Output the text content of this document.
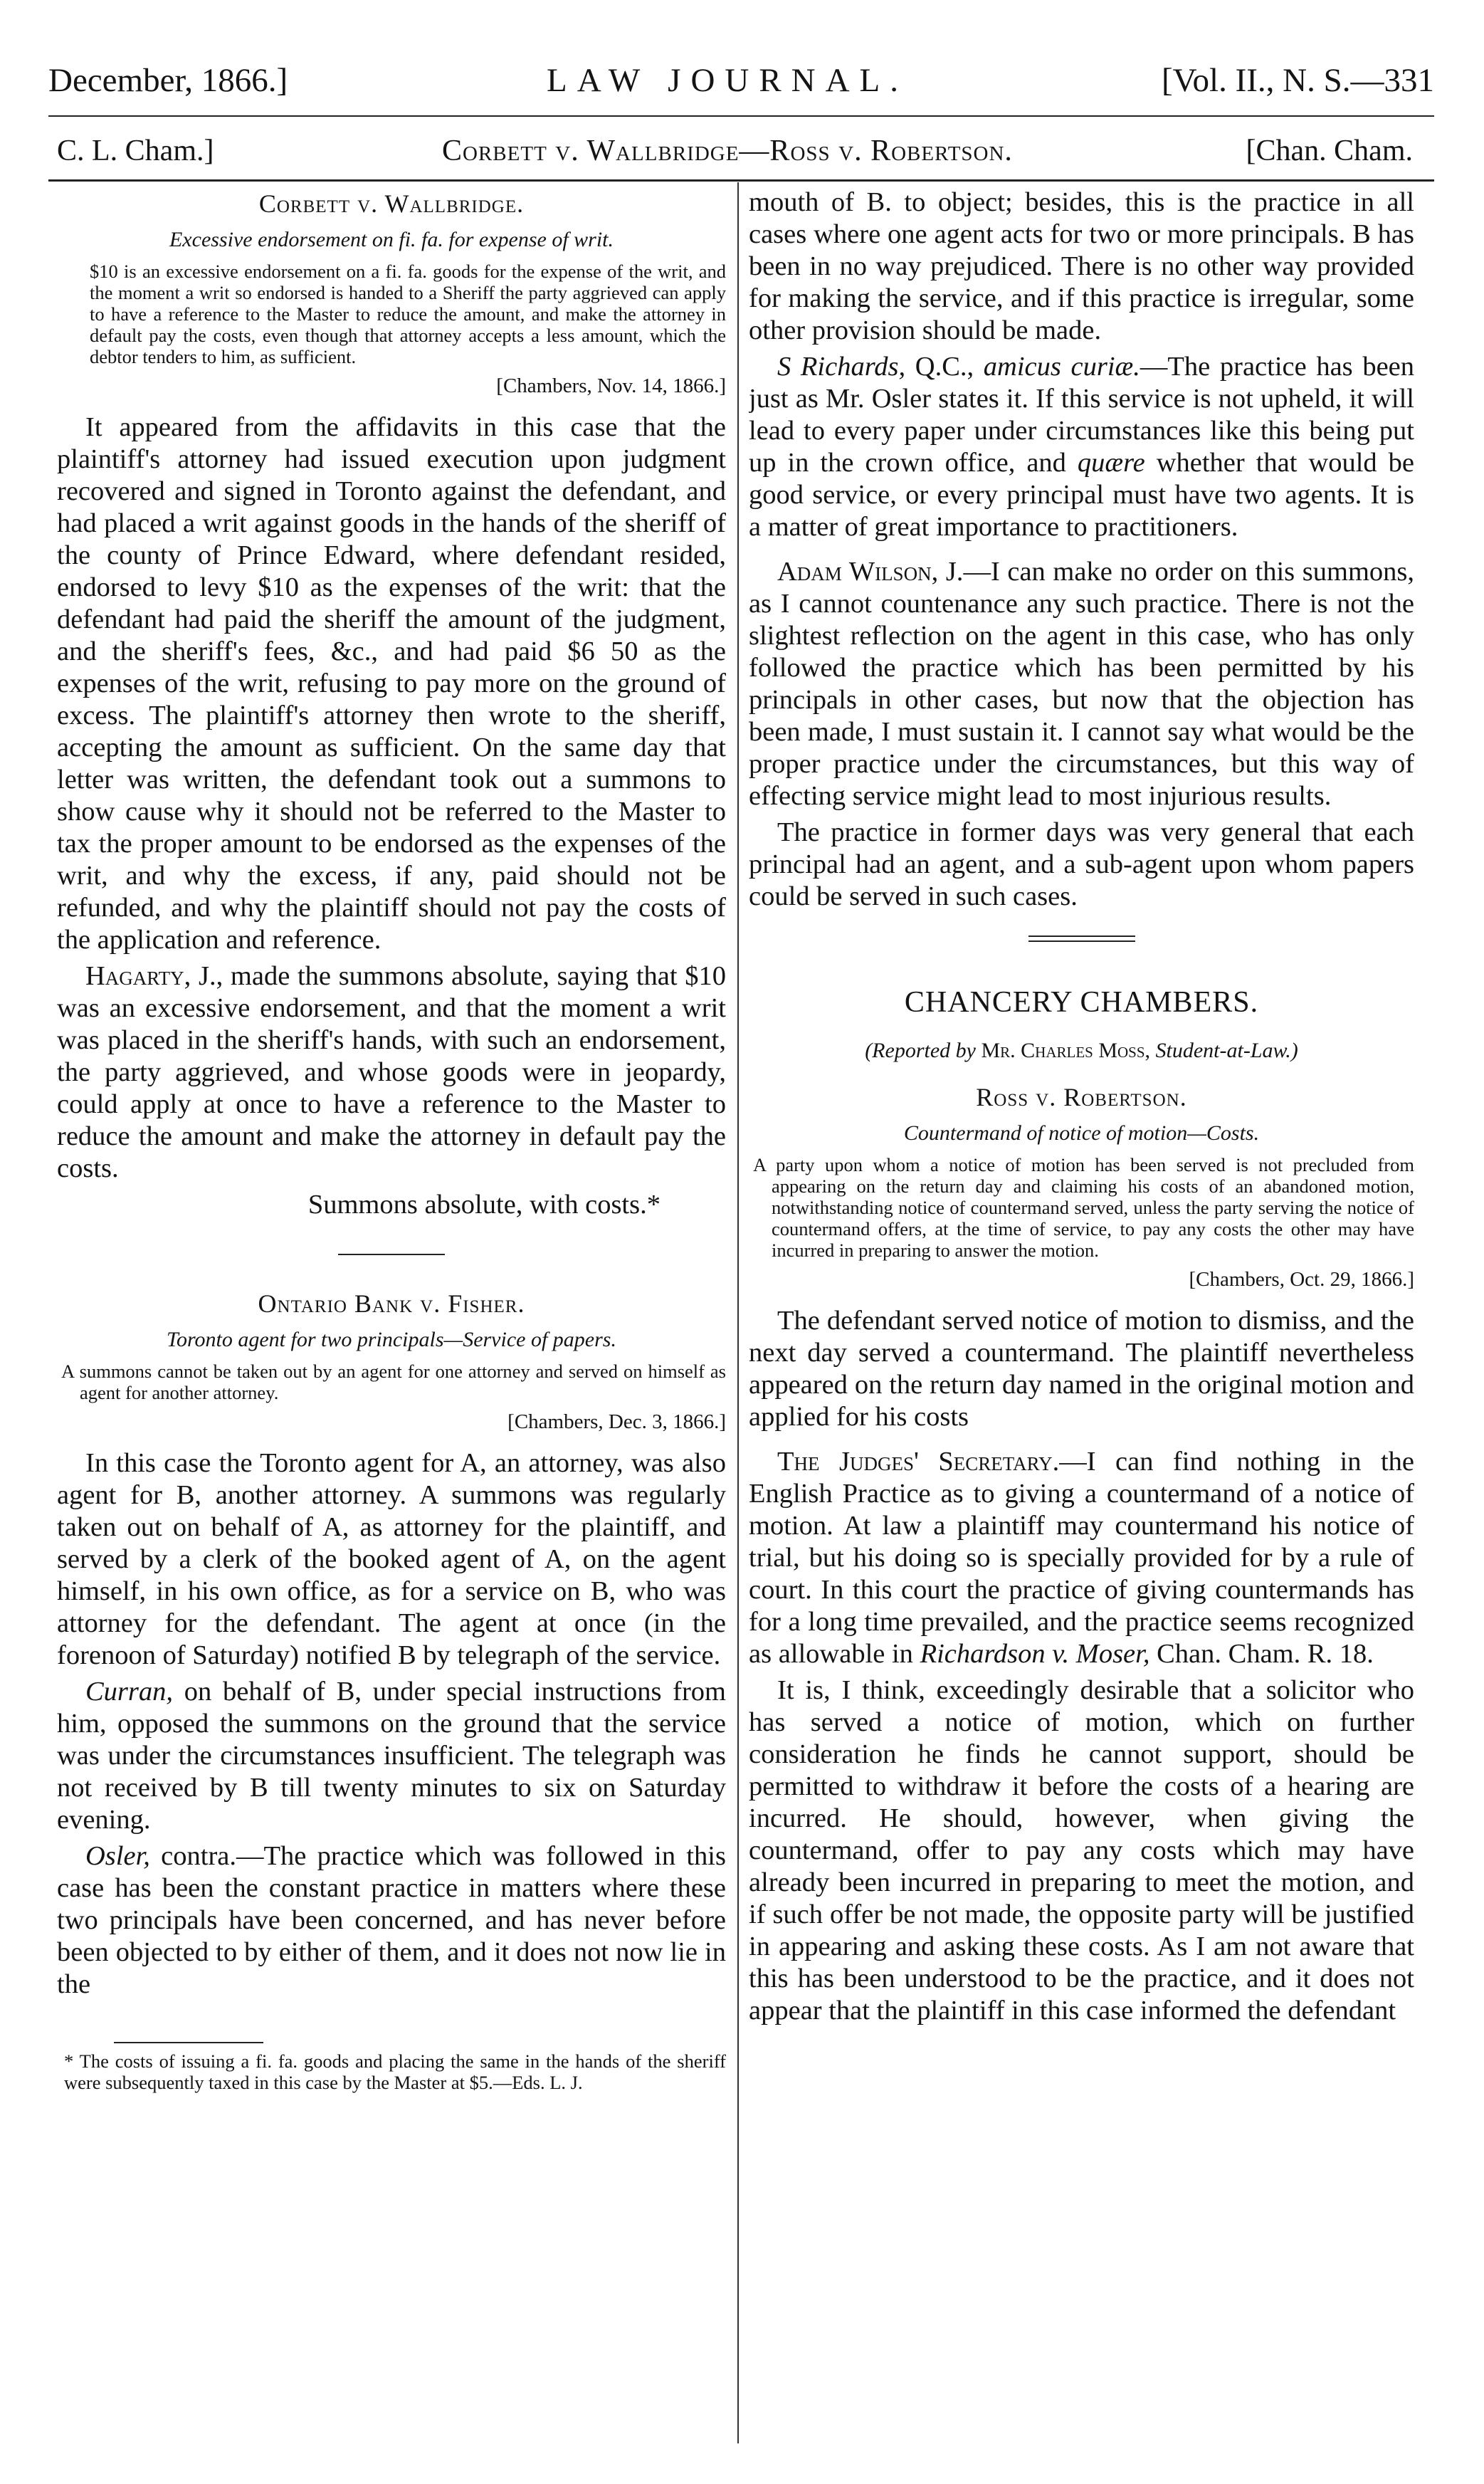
December, 1866.]	LAW JOURNAL.	[Vol. II., N. S.—331
C. L. Cham.]	Corbett v. Wallbridge—Ross v. Robertson.	[Chan. Cham.
Corbett v. Wallbridge.
Excessive endorsement on fi. fa. for expense of writ.
$10 is an excessive endorsement on a fi. fa. goods for the expense of the writ, and the moment a writ so endorsed is handed to a Sheriff the party aggrieved can apply to have a reference to the Master to reduce the amount, and make the attorney in default pay the costs, even though that attorney accepts a less amount, which the debtor tenders to him, as sufficient.
[Chambers, Nov. 14, 1866.]

It appeared from the affidavits in this case that the plaintiff's attorney had issued execution upon judgment recovered and signed in Toronto against the defendant, and had placed a writ against goods in the hands of the sheriff of the county of Prince Edward, where defendant resided, endorsed to levy $10 as the expenses of the writ: that the defendant had paid the sheriff the amount of the judgment, and the sheriff's fees, &c., and had paid $6 50 as the expenses of the writ, refusing to pay more on the ground of excess. The plaintiff's attorney then wrote to the sheriff, accepting the amount as sufficient. On the same day that letter was written, the defendant took out a summons to show cause why it should not be referred to the Master to tax the proper amount to be endorsed as the expenses of the writ, and why the excess, if any, paid should not be refunded, and why the plaintiff should not pay the costs of the application and reference.

Hagarty, J., made the summons absolute, saying that $10 was an excessive endorsement, and that the moment a writ was placed in the sheriff's hands, with such an endorsement, the party aggrieved, and whose goods were in jeopardy, could apply at once to have a reference to the Master to reduce the amount and make the attorney in default pay the costs.

Summons absolute, with costs.*

Ontario Bank v. Fisher.
Toronto agent for two principals—Service of papers.
A summons cannot be taken out by an agent for one attorney and served on himself as agent for another attorney.
[Chambers, Dec. 3, 1866.]

In this case the Toronto agent for A, an attorney, was also agent for B, another attorney. A summons was regularly taken out on behalf of A, as attorney for the plaintiff, and served by a clerk of the booked agent of A, on the agent himself, in his own office, as for a service on B, who was attorney for the defendant. The agent at once (in the forenoon of Saturday) notified B by telegraph of the service.

Curran, on behalf of B, under special instructions from him, opposed the summons on the ground that the service was under the circumstances insufficient. The telegraph was not received by B till twenty minutes to six on Saturday evening.

Osler, contra.—The practice which was followed in this case has been the constant practice in matters where these two principals have been concerned, and has never before been objected to by either of them, and it does not now lie in the

* The costs of issuing a fi. fa. goods and placing the same in the hands of the sheriff were subsequently taxed in this case by the Master at $5.—Eds. L. J.

mouth of B. to object; besides, this is the practice in all cases where one agent acts for two or more principals. B has been in no way prejudiced. There is no other way provided for making the service, and if this practice is irregular, some other provision should be made.

S Richards, Q.C., amicus curiæ.—The practice has been just as Mr. Osler states it. If this service is not upheld, it will lead to every paper under circumstances like this being put up in the crown office, and quære whether that would be good service, or every principal must have two agents. It is a matter of great importance to practitioners.

Adam Wilson, J.—I can make no order on this summons, as I cannot countenance any such practice. There is not the slightest reflection on the agent in this case, who has only followed the practice which has been permitted by his principals in other cases, but now that the objection has been made, I must sustain it. I cannot say what would be the proper practice under the circumstances, but this way of effecting service might lead to most injurious results.

The practice in former days was very general that each principal had an agent, and a sub-agent upon whom papers could be served in such cases.

CHANCERY CHAMBERS.
(Reported by Mr. Charles Moss, Student-at-Law.)
Ross v. Robertson.
Countermand of notice of motion—Costs.
A party upon whom a notice of motion has been served is not precluded from appearing on the return day and claiming his costs of an abandoned motion, notwithstanding notice of countermand served, unless the party serving the notice of countermand offers, at the time of service, to pay any costs the other may have incurred in preparing to answer the motion.
[Chambers, Oct. 29, 1866.]

The defendant served notice of motion to dismiss, and the next day served a countermand. The plaintiff nevertheless appeared on the return day named in the original motion and applied for his costs

The Judges' Secretary.—I can find nothing in the English Practice as to giving a countermand of a notice of motion. At law a plaintiff may countermand his notice of trial, but his doing so is specially provided for by a rule of court. In this court the practice of giving countermands has for a long time prevailed, and the practice seems recognized as allowable in Richardson v. Moser, Chan. Cham. R. 18.

It is, I think, exceedingly desirable that a solicitor who has served a notice of motion, which on further consideration he finds he cannot support, should be permitted to withdraw it before the costs of a hearing are incurred. He should, however, when giving the countermand, offer to pay any costs which may have already been incurred in preparing to meet the motion, and if such offer be not made, the opposite party will be justified in appearing and asking these costs. As I am not aware that this has been understood to be the practice, and it does not appear that the plaintiff in this case informed the defendant
